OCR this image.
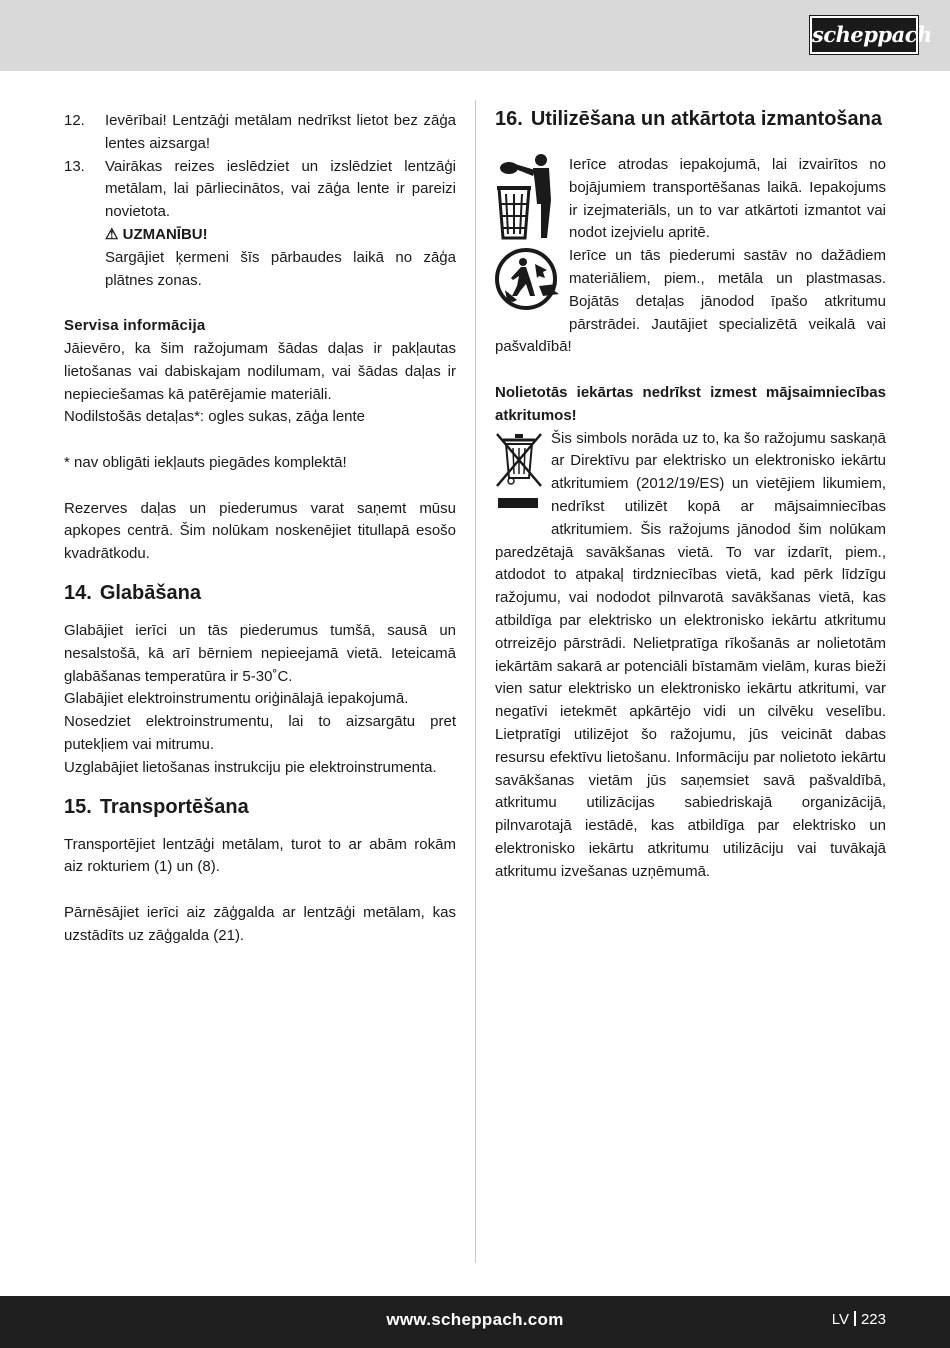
scheppach
12.	Ievērībai! Lentzāģi metālam nedrīkst lietot bez zāģa lentes aizsarga!
13.	Vairākas reizes ieslēdziet un izslēdziet lentzāģi metālam, lai pārliecinātos, vai zāģa lente ir pareizi novietota.

⚠ UZMANĪBU!

Sargājiet ķermeni šīs pārbaudes laikā no zāģa plātnes zonas.

Servisa informācija

Jāievēro, ka šim ražojumam šādas daļas ir pakļautas lietošanas vai dabiskajam nodilumam, vai šādas daļas ir nepieciešamas kā patērējamie materiāli.

Nodilstošās detaļas*: ogles sukas, zāģa lente

* nav obligāti iekļauts piegādes komplektā!

Rezerves daļas un piederumus varat saņemt mūsu apkopes centrā. Šim nolūkam noskenējiet titullapā esošo kvadrātkodu.

14. Glabāšana

Glabājiet ierīci un tās piederumus tumšā, sausā un nesalstošā, kā arī bērniem nepieejamā vietā. Ieteicamā glabāšanas temperatūra ir 5-30˚C.

Glabājiet elektroinstrumentu oriģinālajā iepakojumā.

Nosedziet elektroinstrumentu, lai to aizsargātu pret putekļiem vai mitrumu.

Uzglabājiet lietošanas instrukciju pie elektroinstrumenta.

15. Transportēšana

Transportējiet lentzāģi metālam, turot to ar abām rokām aiz rokturiem (1) un (8).

Pārnēsājiet ierīci aiz zāģgalda ar lentzāģi metālam, kas uzstādīts uz zāģgalda (21).

16. Utilizēšana un atkārtota izmantošana

Ierīce atrodas iepakojumā, lai izvairītos no bojājumiem transportēšanas laikā. Iepakojums ir izejmateriāls, un to var atkārtoti izmantot vai nodot izejvielu apritē.

Ierīce un tās piederumi sastāv no dažādiem materiāliem, piem., metāla un plastmasas. Bojātās detaļas jānodod īpašo atkritumu pārstrādei. Jautājiet specializētā veikalā vai pašvaldībā!

Nolietotās iekārtas nedrīkst izmest mājsaimniecības atkritumos!

Šis simbols norāda uz to, ka šo ražojumu saskaņā ar Direktīvu par elektrisko un elektronisko iekārtu atkritumiem (2012/19/ES) un vietējiem likumiem, nedrīkst utilizēt kopā ar mājsaimniecības atkritumiem. Šis ražojums jānodod šim nolūkam paredzētajā savākšanas vietā. To var izdarīt, piem., atdodot to atpakaļ tirdzniecības vietā, kad pērk līdzīgu ražojumu, vai nododot pilnvarotā savākšanas vietā, kas atbildīga par elektrisko un elektronisko iekārtu atkritumu otrreizējo pārstrādi. Nelietpratīga rīkošanās ar nolietotām iekārtām sakarā ar potenciāli bīstamām vielām, kuras bieži vien satur elektrisko un elektronisko iekārtu atkritumi, var negatīvi ietekmēt apkārtējo vidi un cilvēku veselību. Lietpratīgi utilizējot šo ražojumu, jūs veicināt dabas resursu efektīvu lietošanu. Informāciju par nolietoto iekārtu savākšanas vietām jūs saņemsiet savā pašvaldībā, atkritumu utilizācijas sabiedriskajā organizācijā, pilnvarotajā iestādē, kas atbildīga par elektrisko un elektronisko iekārtu atkritumu utilizāciju vai tuvākajā atkritumu izvešanas uzņēmumā.

www.scheppach.com	LV 223
